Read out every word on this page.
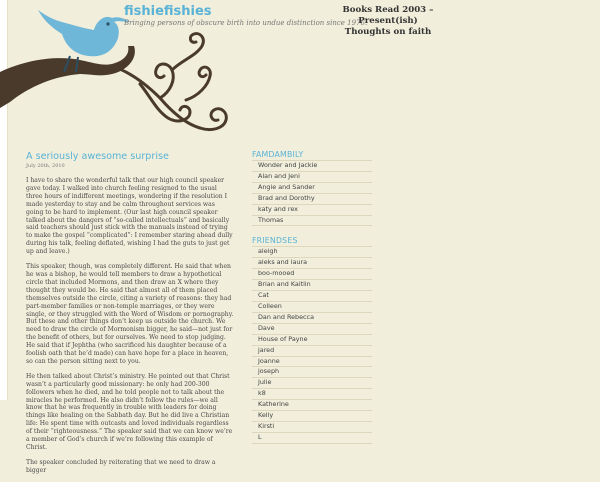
fishiefishies
Bringing persons of obscure birth into undue distinction since 1976.
Books Read 2003 – Present(ish)
Thoughts on faith
A seriously awesome surprise
July 20th, 2010

I have to share the wonderful talk that our high council speaker gave today. I walked into church feeling resigned to the usual three hours of indifferent meetings, wondering if the resolution I made yesterday to stay and be calm throughout services was going to be hard to implement. (Our last high council speaker talked about the dangers of “so-called intellectuals” and basically said teachers should just stick with the manuals instead of trying to make the gospel “complicated”: I remember staring ahead dully during his talk, feeling deflated, wishing I had the guts to just get up and leave.)

This speaker, though, was completely different. He said that when he was a bishop, he would tell members to draw a hypothetical circle that included Mormons, and then draw an X where they thought they would be. He said that almost all of them placed themselves outside the circle, citing a variety of reasons: they had part-member families or non-temple marriages, or they were single, or they struggled with the Word of Wisdom or pornography. But these and other things don’t keep us outside the church. We need to draw the circle of Mormonism bigger, he said—not just for the benefit of others, but for ourselves. We need to stop judging. He said that if Jephtha (who sacrificed his daughter because of a foolish oath that he’d made) can have hope for a place in heaven, so can the person sitting next to you.

He then talked about Christ’s ministry. He pointed out that Christ wasn’t a particularly good missionary: he only had 200-300 followers when he died, and he told people not to talk about the miracles he performed. He also didn’t follow the rules—we all know that he was frequently in trouble with leaders for doing things like healing on the Sabbath day. But he did live a Christian life: He spent time with outcasts and loved individuals regardless of their “righteousness.” The speaker said that we can know we’re a member of God’s church if we’re following this example of Christ.

The speaker concluded by reiterating that we need to draw a bigger

FAMDAMBILY
Wonder and Jackie
Alan and Jeni
Angie and Sander
Brad and Dorothy
katy and rex
Thomas
FRIENDSES
aleigh
aleks and laura
boo-mooed
Brian and Kaitlin
Cat
Colleen
Dan and Rebecca
Dave
House of Payne
jared
Joanne
joseph
Julie
k8
Katherine
Kelly
Kirsti
L
